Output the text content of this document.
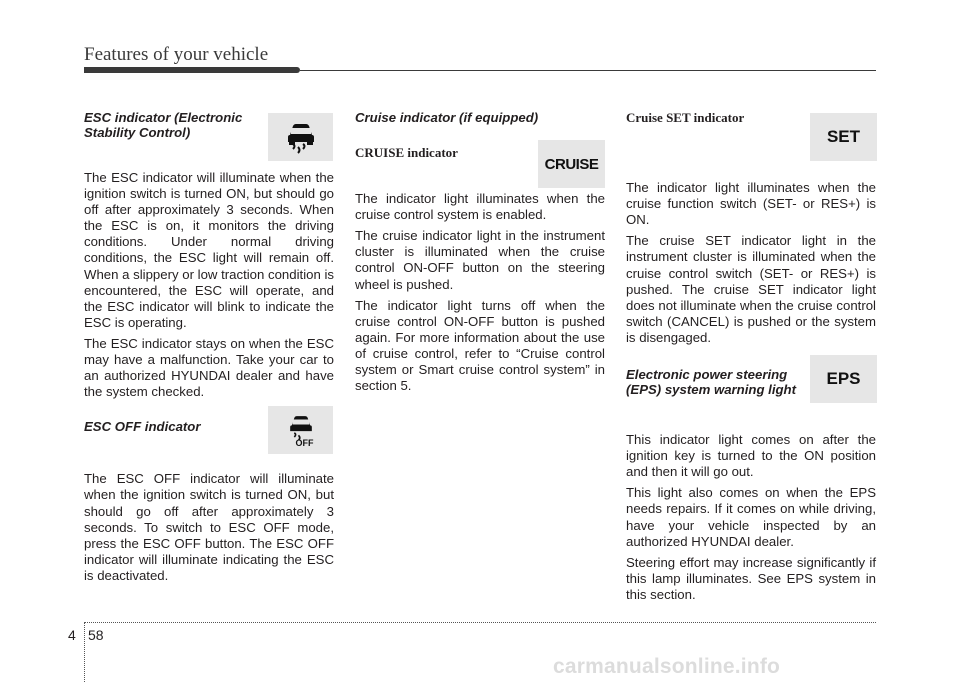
Features of your vehicle
ESC indicator (Electronic
Stability Control)

The ESC indicator will illuminate when the ignition switch is turned ON, but should go off after approximately 3 seconds. When the ESC is on, it monitors the driving conditions. Under normal driving conditions, the ESC light will remain off. When a slippery or low traction condition is encountered, the ESC will operate, and the ESC indicator will blink to indicate the ESC is operating.

The ESC indicator stays on when the ESC may have a malfunction. Take your car to an authorized HYUNDAI dealer and have the system checked.

ESC OFF indicator

The ESC OFF indicator will illuminate when the ignition switch is turned ON, but should go off after approximately 3 seconds. To switch to ESC OFF mode, press the ESC OFF button. The ESC OFF indicator will illuminate indicating the ESC is deactivated.

OFF
Cruise indicator (if equipped)
CRUISE indicator

The indicator light illuminates when the cruise control system is enabled.

The cruise indicator light in the instrument cluster is illuminated when the cruise control ON-OFF button on the steering wheel is pushed.

The indicator light turns off when the cruise control ON-OFF button is pushed again. For more information about the use of cruise control, refer to “Cruise control system or Smart cruise control system” in section 5.

CRUISE
Cruise SET indicator

The indicator light illuminates when the cruise function switch (SET- or RES+) is ON.

The cruise SET indicator light in the instrument cluster is illuminated when the cruise control switch (SET- or RES+) is pushed. The cruise SET indicator light does not illuminate when the cruise control switch (CANCEL) is pushed or the system is disengaged.

Electronic power steering
(EPS) system warning light

This indicator light comes on after the ignition key is turned to the ON position and then it will go out.

This light also comes on when the EPS needs repairs. If it comes on while driving, have your vehicle inspected by an authorized HYUNDAI dealer.

Steering effort may increase significantly if this lamp illuminates. See EPS system in this section.

SET
EPS
4 58
carmanualsonline.info
